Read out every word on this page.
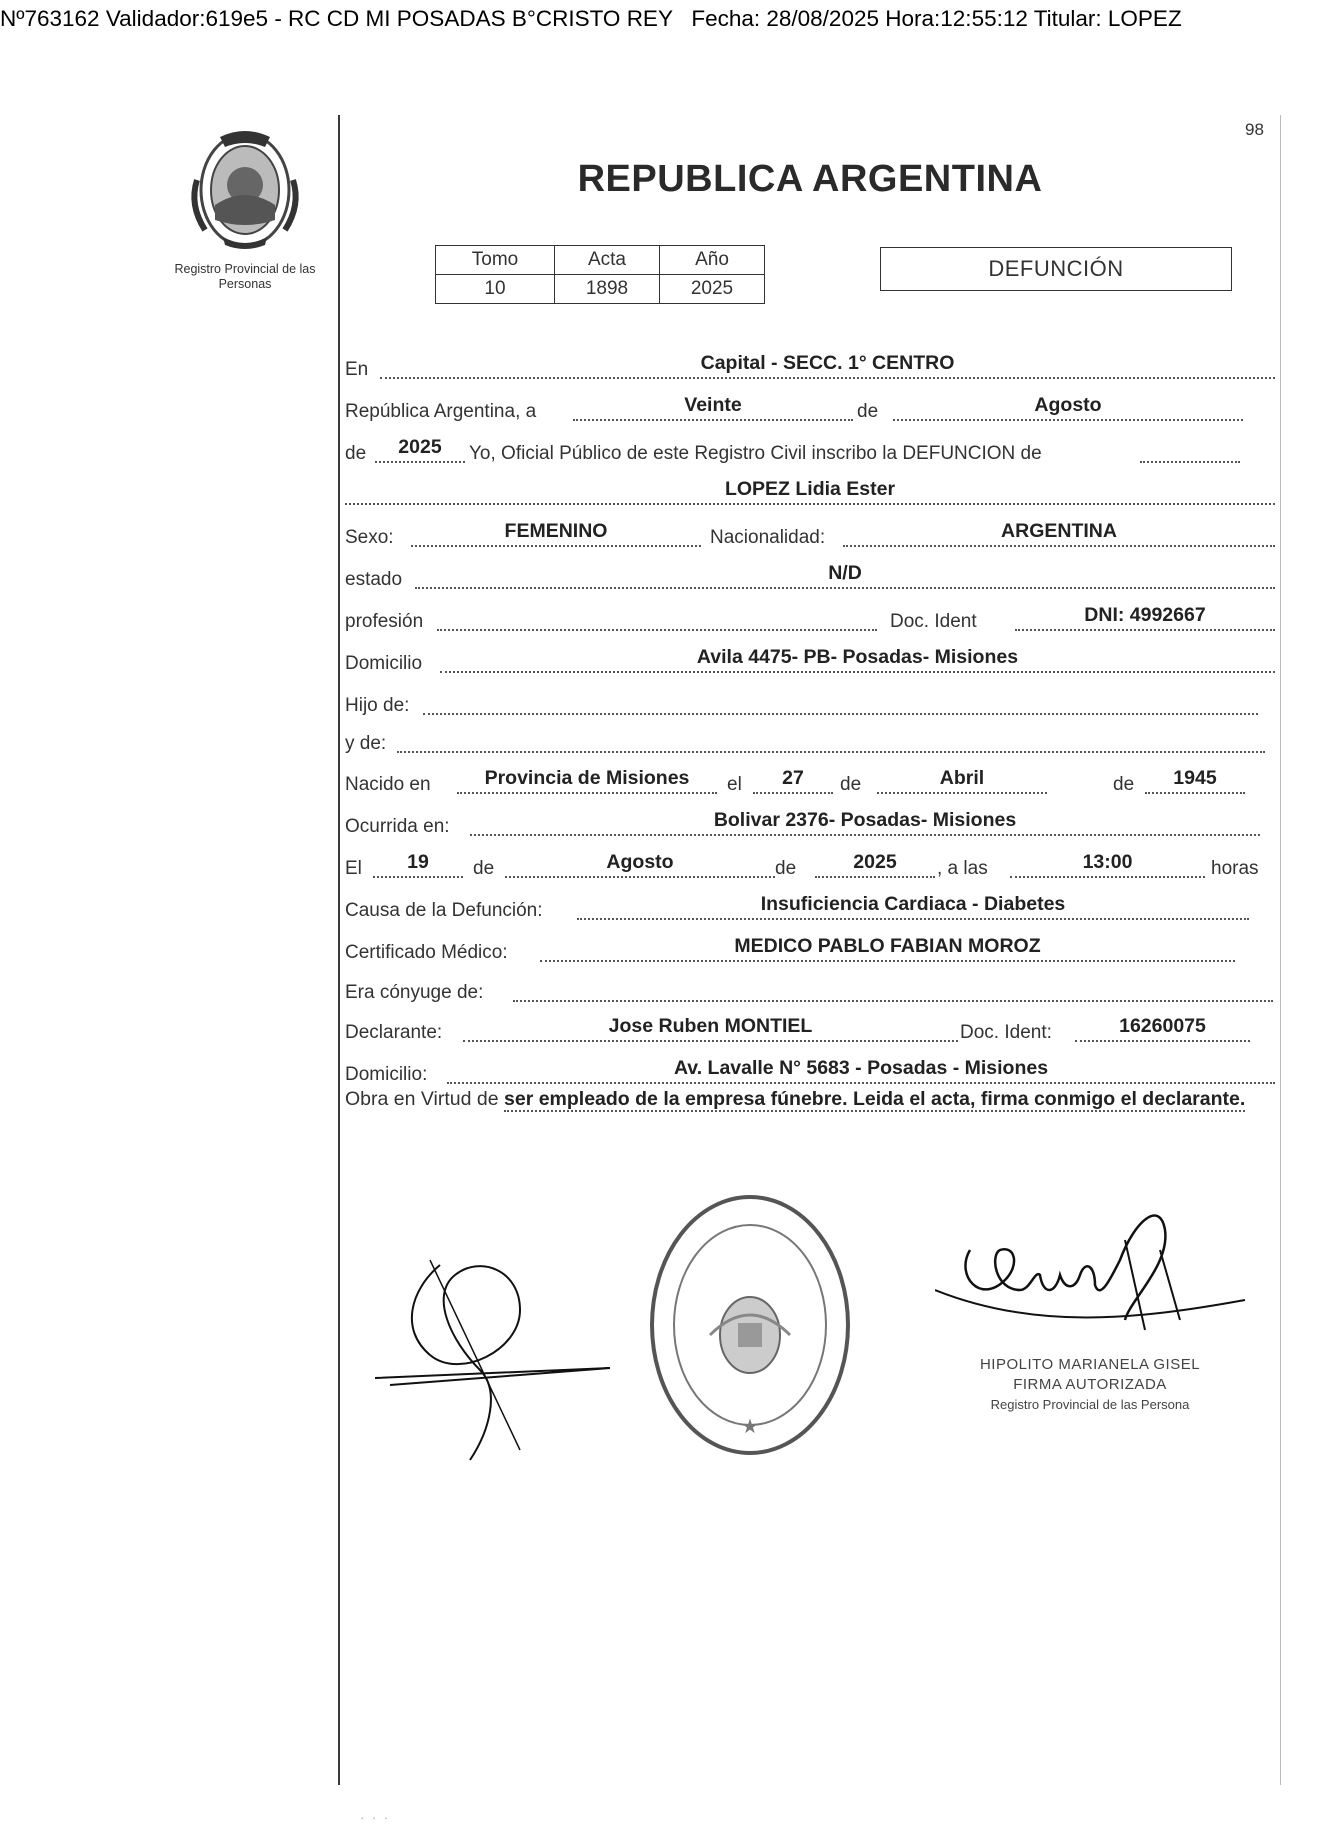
Nº763162 Validador:619e5 - RC CD MI POSADAS B°CRISTO REY Fecha: 28/08/2025 Hora:12:55:12 Titular: LOPEZ
98
Registro Provincial de las Personas
REPUBLICA ARGENTINA
Tomo	Acta	Año
10	1898	2025
DEFUNCIÓN
En	Capital - SECC. 1° CENTRO
República Argentina, a	Veinte	de	Agosto
de	2025	Yo, Oficial Público de este Registro Civil inscribo la DEFUNCION de
LOPEZ Lidia Ester
Sexo:	FEMENINO	Nacionalidad:	ARGENTINA
estado	N/D
profesión	Doc. Ident	DNI: 4992667
Domicilio	Avila 4475- PB- Posadas- Misiones
Hijo de:
y de:
Nacido en	Provincia de Misiones	el	27	de	Abril	de	1945
Ocurrida en:	Bolivar 2376- Posadas- Misiones
El	19	de	Agosto	de	2025	, a las	13:00	horas
Causa de la Defunción:	Insuficiencia Cardiaca - Diabetes
Certificado Médico:	MEDICO PABLO FABIAN MOROZ
Era cónyuge de:
Declarante:	Jose Ruben MONTIEL	Doc. Ident:	16260075
Domicilio:	Av. Lavalle N° 5683 - Posadas - Misiones
Obra en Virtud de ser empleado de la empresa fúnebre. Leida el acta, firma conmigo el declarante.
★
HIPOLITO MARIANELA GISEL
FIRMA AUTORIZADA
Registro Provincial de las Persona
· · ·
